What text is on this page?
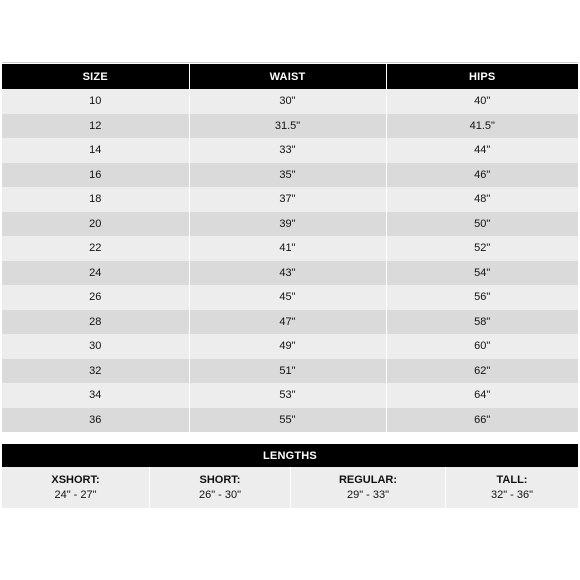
SIZE	WAIST	HIPS
10	30"	40"
12	31.5"	41.5"
14	33"	44"
16	35"	46"
18	37"	48"
20	39"	50"
22	41"	52"
24	43"	54"
26	45"	56"
28	47"	58"
30	49"	60"
32	51"	62"
34	53"	64"
36	55"	66"
LENGTHS
XSHORT:
24" - 27"
SHORT:
26" - 30"
REGULAR:
29" - 33"
TALL:
32" - 36"
